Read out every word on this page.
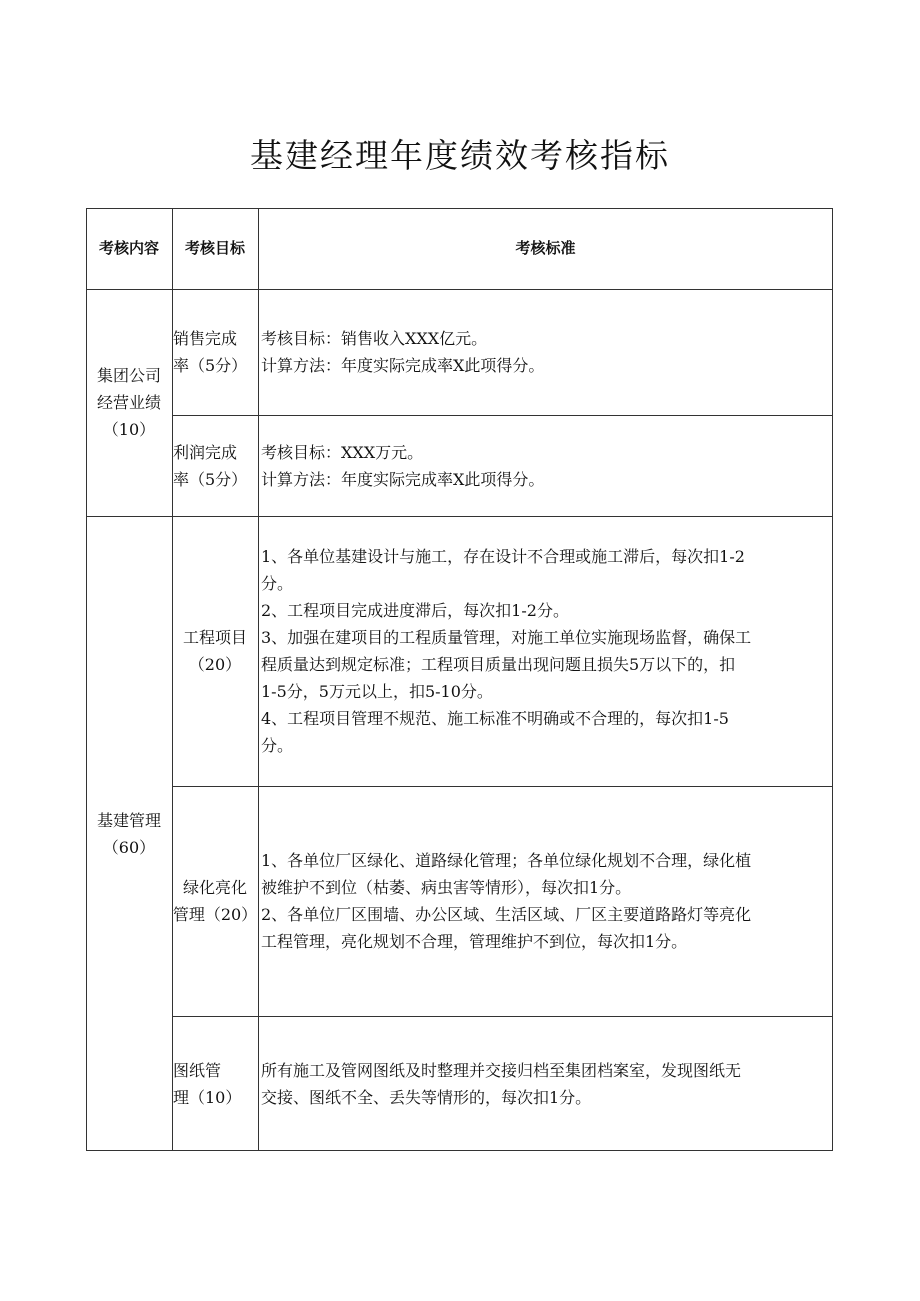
基建经理年度绩效考核指标
考核内容	考核目标	考核标准
集团公司
经营业绩
（10）
销售完成
率（5分）
考核目标：销售收入XXX亿元。
计算方法：年度实际完成率X此项得分。
利润完成
率（5分）
考核目标：XXX万元。
计算方法：年度实际完成率X此项得分。
基建管理
（60）
工程项目
（20）
1、各单位基建设计与施工，存在设计不合理或施工滞后，每次扣1-2
分。
2、工程项目完成进度滞后，每次扣1-2分。
3、加强在建项目的工程质量管理，对施工单位实施现场监督，确保工
程质量达到规定标准；工程项目质量出现问题且损失5万以下的，扣
1-5分，5万元以上，扣5-10分。
4、工程项目管理不规范、施工标准不明确或不合理的，每次扣1-5
分。
绿化亮化
管理（20）
1、各单位厂区绿化、道路绿化管理；各单位绿化规划不合理，绿化植
被维护不到位（枯萎、病虫害等情形），每次扣1分。
2、各单位厂区围墙、办公区域、生活区域、厂区主要道路路灯等亮化
工程管理，亮化规划不合理，管理维护不到位，每次扣1分。
图纸管
理（10）
所有施工及管网图纸及时整理并交接归档至集团档案室，发现图纸无
交接、图纸不全、丢失等情形的，每次扣1分。
